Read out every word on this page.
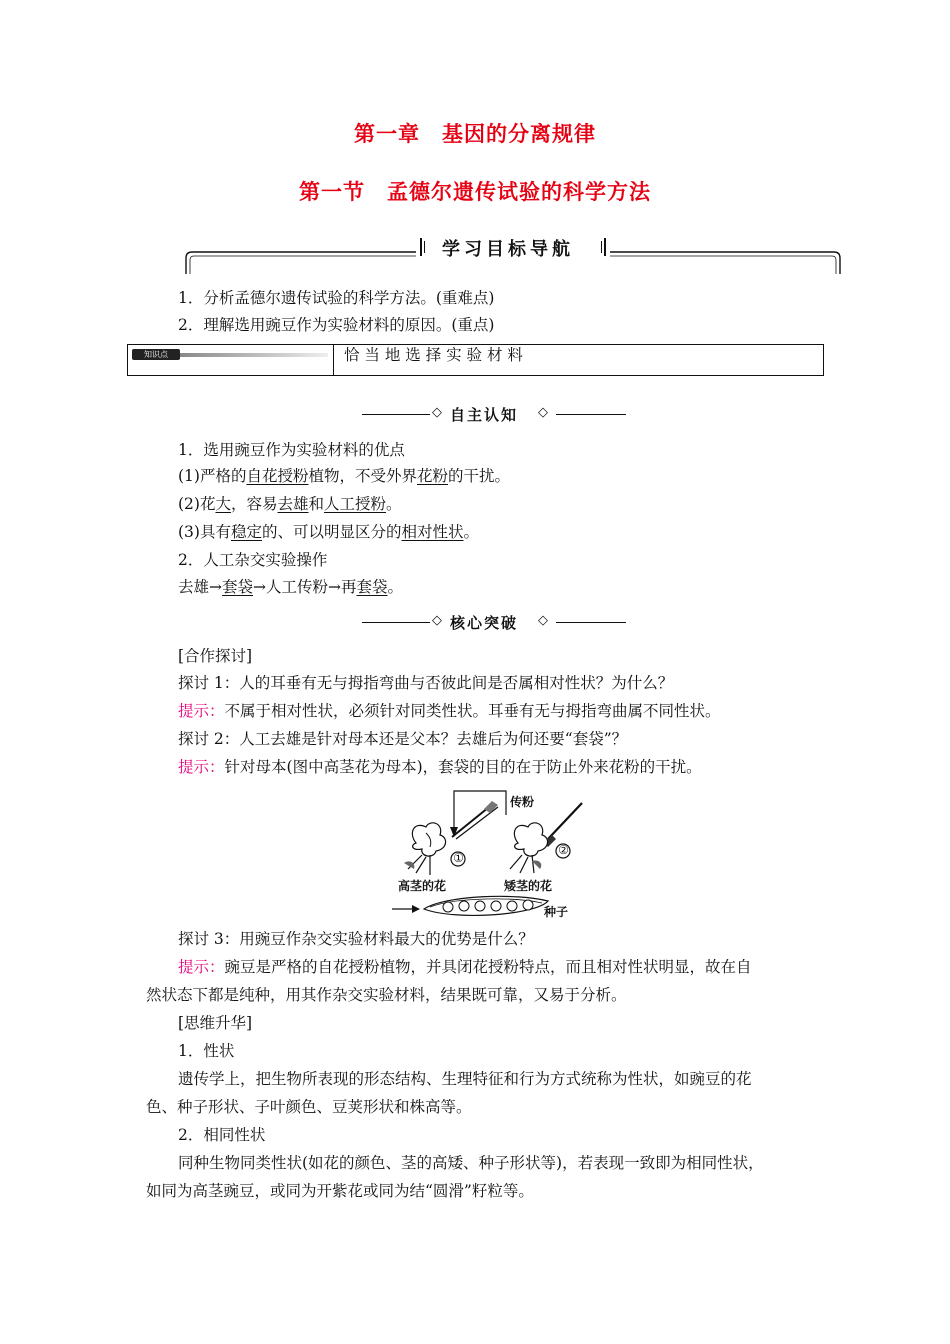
第一章　基因的分离规律
第一节　孟德尔遗传试验的科学方法
学习目标导航
1．分析孟德尔遗传试验的科学方法。(重难点)
2．理解选用豌豆作为实验材料的原因。(重点)
知识点	恰 当 地 选 择 实 验 材 料
◇ 自主认知 ◇
1．选用豌豆作为实验材料的优点
(1)严格的自花授粉植物，不受外界花粉的干扰。
(2)花大，容易去雄和人工授粉。
(3)具有稳定的、可以明显区分的相对性状。
2．人工杂交实验操作
去雄→套袋→人工传粉→再套袋。
◇ 核心突破 ◇
[合作探讨]
探讨 1：人的耳垂有无与拇指弯曲与否彼此间是否属相对性状？为什么？
提示：不属于相对性状，必须针对同类性状。耳垂有无与拇指弯曲属不同性状。
探讨 2：人工去雄是针对母本还是父本？去雄后为何还要“套袋”？
提示：针对母本(图中高茎花为母本)，套袋的目的在于防止外来花粉的干扰。
传粉
①
②
高茎的花	矮茎的花
种子
探讨 3：用豌豆作杂交实验材料最大的优势是什么？
提示：豌豆是严格的自花授粉植物，并具闭花授粉特点，而且相对性状明显，故在自
然状态下都是纯种，用其作杂交实验材料，结果既可靠，又易于分析。
[思维升华]
1．性状
遗传学上，把生物所表现的形态结构、生理特征和行为方式统称为性状，如豌豆的花
色、种子形状、子叶颜色、豆荚形状和株高等。
2．相同性状
同种生物同类性状(如花的颜色、茎的高矮、种子形状等)，若表现一致即为相同性状，
如同为高茎豌豆，或同为开紫花或同为结“圆滑”籽粒等。
